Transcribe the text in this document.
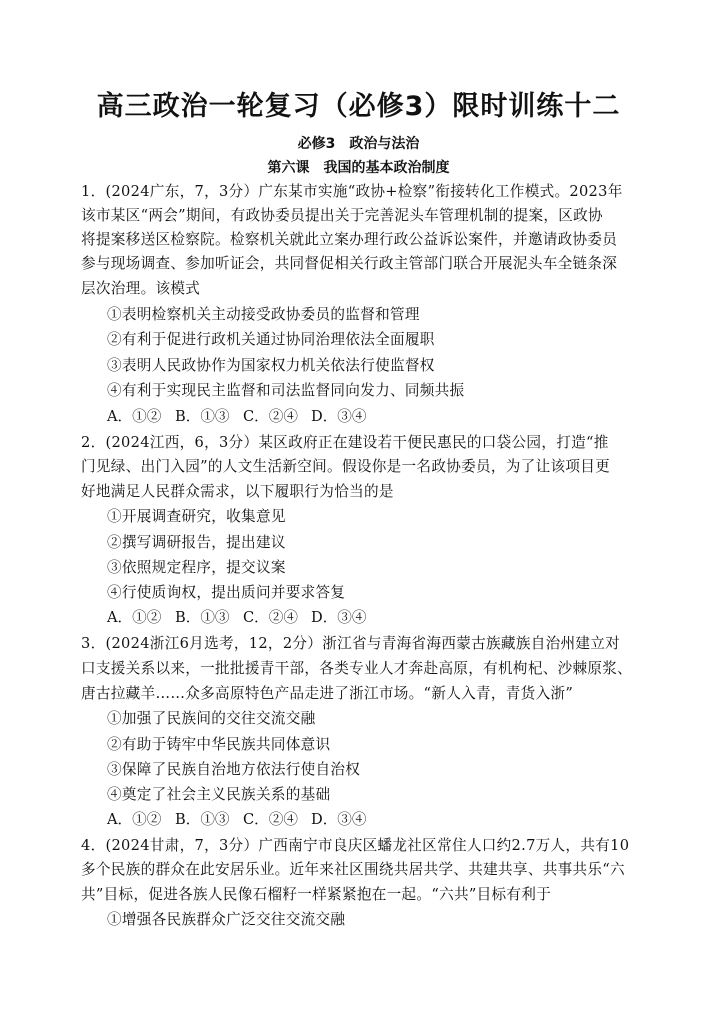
高三政治一轮复习（必修3）限时训练十二
必修3　政治与法治
第六课　我国的基本政治制度
1．(2024广东，7，3分）广东某市实施“政协+检察”衔接转化工作模式。2023年
该市某区“两会”期间，有政协委员提出关于完善泥头车管理机制的提案，区政协
将提案移送区检察院。检察机关就此立案办理行政公益诉讼案件，并邀请政协委员
参与现场调查、参加听证会，共同督促相关行政主管部门联合开展泥头车全链条深
层次治理。该模式
①表明检察机关主动接受政协委员的监督和管理
②有利于促进行政机关通过协同治理依法全面履职
③表明人民政协作为国家权力机关依法行使监督权
④有利于实现民主监督和司法监督同向发力、同频共振
A．①② B．①③ C．②④ D．③④
2．(2024江西，6，3分）某区政府正在建设若干便民惠民的口袋公园，打造“推
门见绿、出门入园”的人文生活新空间。假设你是一名政协委员，为了让该项目更
好地满足人民群众需求，以下履职行为恰当的是
①开展调查研究，收集意见
②撰写调研报告，提出建议
③依照规定程序，提交议案
④行使质询权，提出质问并要求答复
A．①② B．①③ C．②④ D．③④
3．(2024浙江6月选考，12，2分）浙江省与青海省海西蒙古族藏族自治州建立对
口支援关系以来，一批批援青干部，各类专业人才奔赴高原，有机枸杞、沙棘原浆、
唐古拉藏羊……众多高原特色产品走进了浙江市场。“新人入青，青货入浙”
①加强了民族间的交往交流交融
②有助于铸牢中华民族共同体意识
③保障了民族自治地方依法行使自治权
④奠定了社会主义民族关系的基础
A．①② B．①③ C．②④ D．③④
4．(2024甘肃，7，3分）广西南宁市良庆区蟠龙社区常住人口约2.7万人，共有10
多个民族的群众在此安居乐业。近年来社区围绕共居共学、共建共享、共事共乐“六
共”目标，促进各族人民像石榴籽一样紧紧抱在一起。“六共”目标有利于
①增强各民族群众广泛交往交流交融
